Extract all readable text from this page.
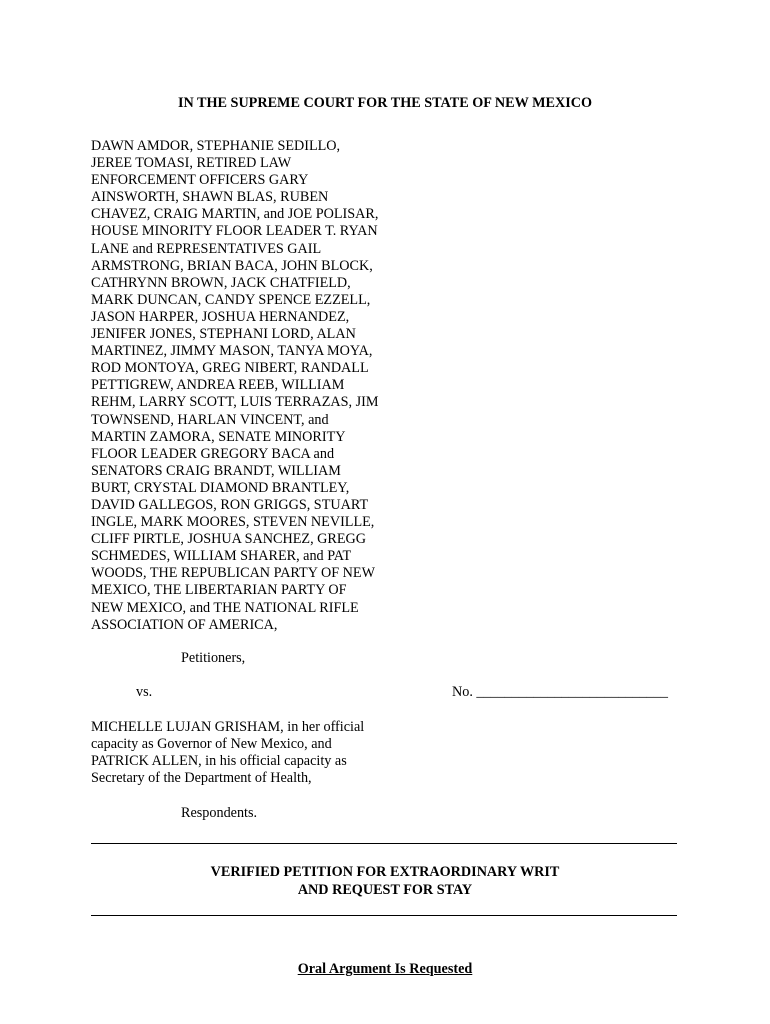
IN THE SUPREME COURT FOR THE STATE OF NEW MEXICO
DAWN AMDOR, STEPHANIE SEDILLO,
JEREE TOMASI, RETIRED LAW
ENFORCEMENT OFFICERS GARY
AINSWORTH, SHAWN BLAS, RUBEN
CHAVEZ, CRAIG MARTIN, and JOE POLISAR,
HOUSE MINORITY FLOOR LEADER T. RYAN
LANE and REPRESENTATIVES GAIL
ARMSTRONG, BRIAN BACA, JOHN BLOCK,
CATHRYNN BROWN, JACK CHATFIELD,
MARK DUNCAN, CANDY SPENCE EZZELL,
JASON HARPER, JOSHUA HERNANDEZ,
JENIFER JONES, STEPHANI LORD, ALAN
MARTINEZ, JIMMY MASON, TANYA MOYA,
ROD MONTOYA, GREG NIBERT, RANDALL
PETTIGREW, ANDREA REEB, WILLIAM
REHM, LARRY SCOTT, LUIS TERRAZAS, JIM
TOWNSEND, HARLAN VINCENT, and
MARTIN ZAMORA, SENATE MINORITY
FLOOR LEADER GREGORY BACA and
SENATORS CRAIG BRANDT, WILLIAM
BURT, CRYSTAL DIAMOND BRANTLEY,
DAVID GALLEGOS, RON GRIGGS, STUART
INGLE, MARK MOORES, STEVEN NEVILLE,
CLIFF PIRTLE, JOSHUA SANCHEZ, GREGG
SCHMEDES, WILLIAM SHARER, and PAT
WOODS, THE REPUBLICAN PARTY OF NEW
MEXICO, THE LIBERTARIAN PARTY OF
NEW MEXICO, and THE NATIONAL RIFLE
ASSOCIATION OF AMERICA,
Petitioners,
vs.	No. ___________________________
MICHELLE LUJAN GRISHAM, in her official
capacity as Governor of New Mexico, and
PATRICK ALLEN, in his official capacity as
Secretary of the Department of Health,
Respondents.
VERIFIED PETITION FOR EXTRAORDINARY WRIT
AND REQUEST FOR STAY
Oral Argument Is Requested
